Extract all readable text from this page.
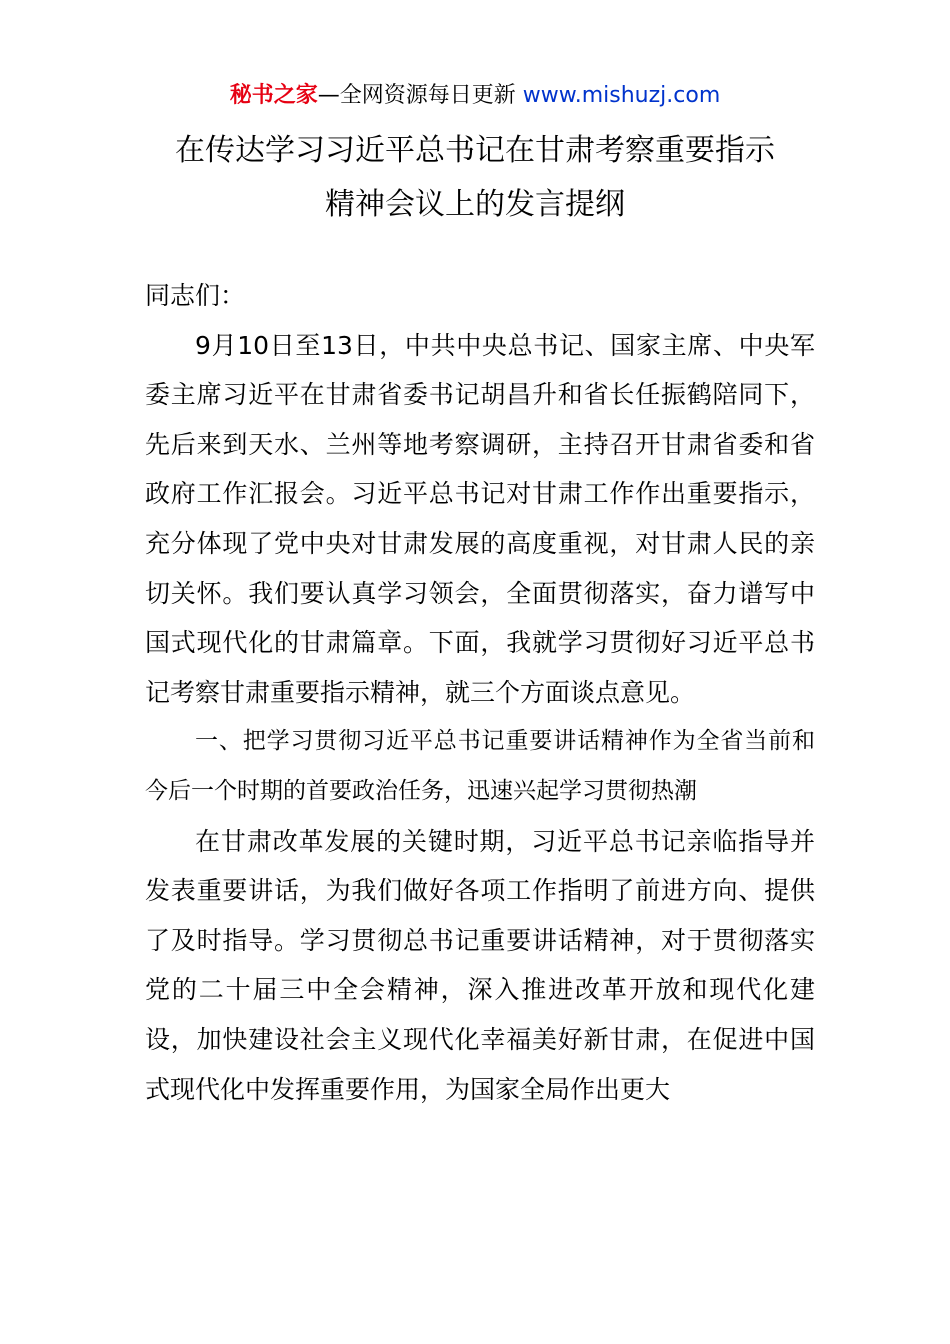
秘书之家—全网资源每日更新 www.mishuzj.com
在传达学习习近平总书记在甘肃考察重要指示
精神会议上的发言提纲

同志们：

9月10日至13日，中共中央总书记、国家主席、中央军委主席习近平在甘肃省委书记胡昌升和省长任振鹤陪同下，先后来到天水、兰州等地考察调研，主持召开甘肃省委和省政府工作汇报会。习近平总书记对甘肃工作作出重要指示，充分体现了党中央对甘肃发展的高度重视，对甘肃人民的亲切关怀。我们要认真学习领会，全面贯彻落实，奋力谱写中国式现代化的甘肃篇章。下面，我就学习贯彻好习近平总书记考察甘肃重要指示精神，就三个方面谈点意见。

一、把学习贯彻习近平总书记重要讲话精神作为全省当前和今后一个时期的首要政治任务，迅速兴起学习贯彻热潮

在甘肃改革发展的关键时期，习近平总书记亲临指导并发表重要讲话，为我们做好各项工作指明了前进方向、提供了及时指导。学习贯彻总书记重要讲话精神，对于贯彻落实党的二十届三中全会精神，深入推进改革开放和现代化建设，加快建设社会主义现代化幸福美好新甘肃，在促进中国式现代化中发挥重要作用，为国家全局作出更大
